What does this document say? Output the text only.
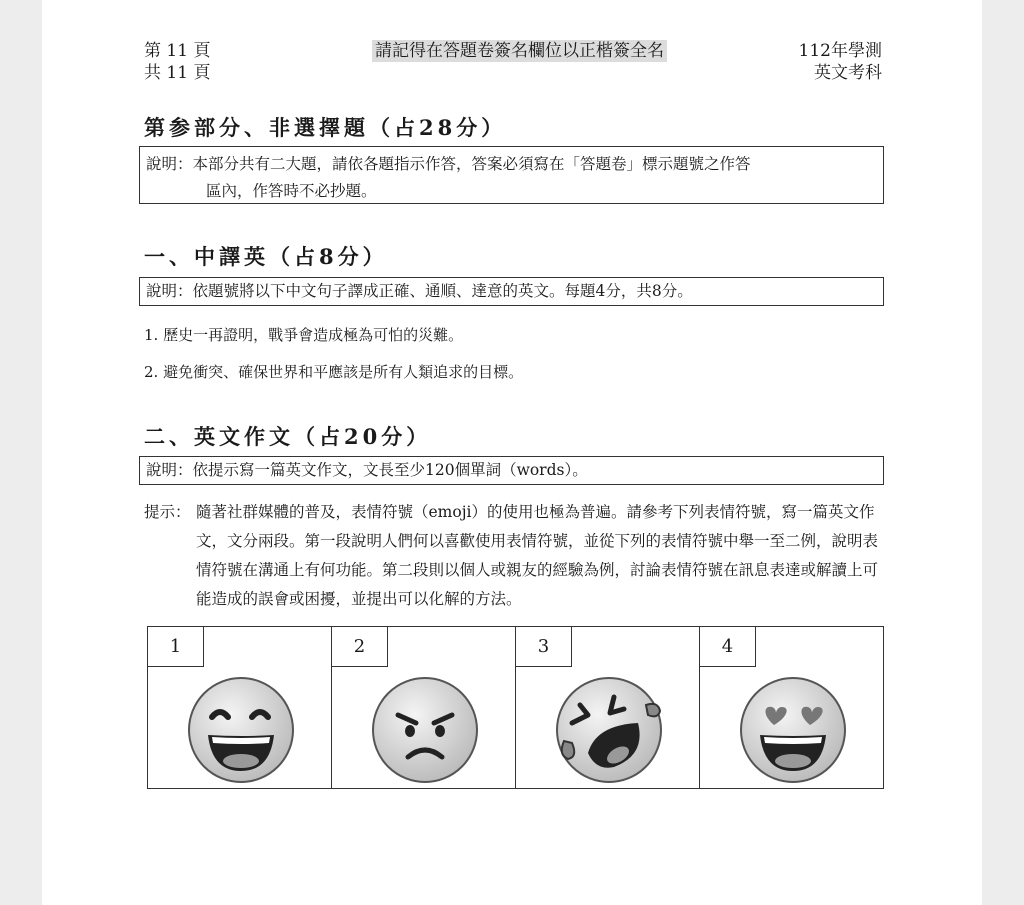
第 11 頁
共 11 頁
請記得在答題卷簽名欄位以正楷簽全名	112年學測
英文考科
第参部分、非選擇題（占28分）
說明：本部分共有二大題，請依各題指示作答，答案必須寫在「答題卷」標示題號之作答
區內，作答時不必抄題。
一、中譯英（占8分）
說明：依題號將以下中文句子譯成正確、通順、達意的英文。每題4分，共8分。
1. 歷史一再證明，戰爭會造成極為可怕的災難。
2. 避免衝突、確保世界和平應該是所有人類追求的目標。
二、英文作文（占20分）
說明：依提示寫一篇英文作文，文長至少120個單詞（words）。
提示： 隨著社群媒體的普及，表情符號（emoji）的使用也極為普遍。請參考下列表情符號，寫一篇英文作文，文分兩段。第一段說明人們何以喜歡使用表情符號，並從下列的表情符號中舉一至二例，說明表情符號在溝通上有何功能。第二段則以個人或親友的經驗為例，討論表情符號在訊息表達或解讀上可能造成的誤會或困擾，並提出可以化解的方法。
1	2	3	4
